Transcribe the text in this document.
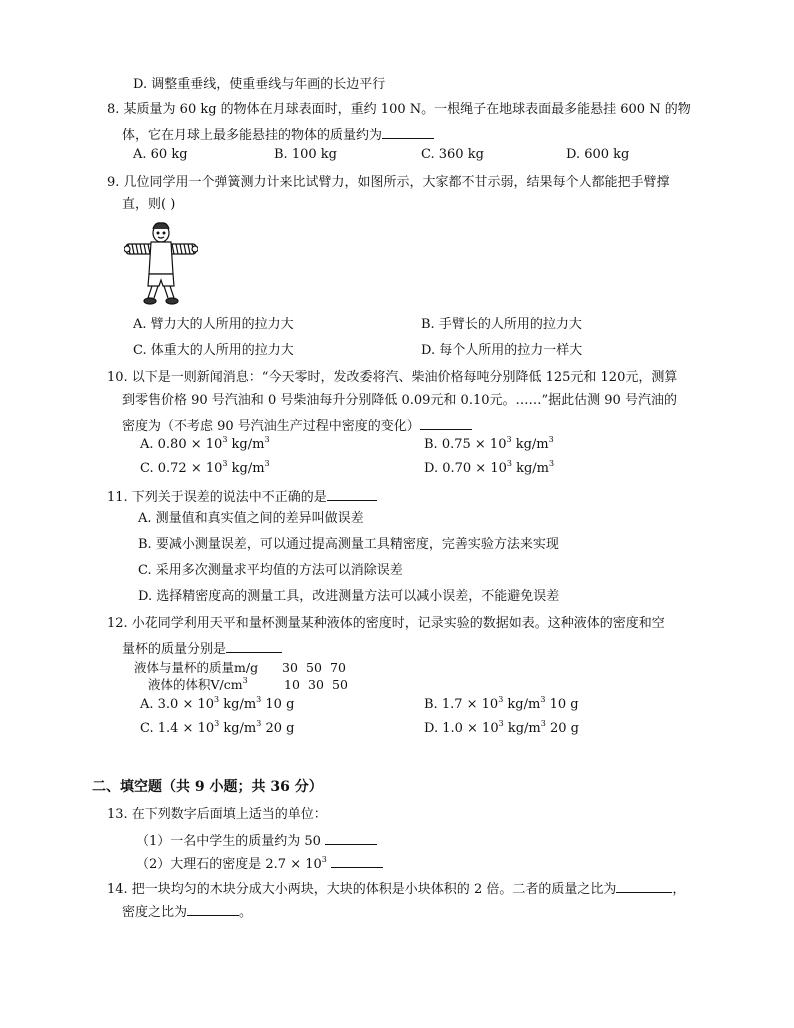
D. 调整重垂线，使重垂线与年画的长边平行
8. 某质量为 60 kg 的物体在月球表面时，重约 100 N。一根绳子在地球表面最多能悬挂 600 N 的物
体，它在月球上最多能悬挂的物体的质量约为
A. 60 kg	B. 100 kg	C. 360 kg	D. 600 kg
9. 几位同学用一个弹簧测力计来比试臂力，如图所示，大家都不甘示弱，结果每个人都能把手臂撑
直，则( )
A. 臂力大的人所用的拉力大	B. 手臂长的人所用的拉力大
C. 体重大的人所用的拉力大	D. 每个人所用的拉力一样大
10. 以下是一则新闻消息：“今天零时，发改委将汽、柴油价格每吨分别降低 125元和 120元，测算
到零售价格 90 号汽油和 0 号柴油每升分别降低 0.09元和 0.10元。……”据此估测 90 号汽油的
密度为（不考虑 90 号汽油生产过程中密度的变化）
A. $0.80 \times 10^3$ $kg/m^3$	B. $0.75 \times 10^3$ $kg/m^3$
C. $0.72 \times 10^3$ $kg/m^3$	D. $0.70 \times 10^3$ $kg/m^3$
11. 下列关于误差的说法中不正确的是
A. 测量值和真实值之间的差异叫做误差
B. 要减小测量误差，可以通过提高测量工具精密度，完善实验方法来实现
C. 采用多次测量求平均值的方法可以消除误差
D. 选择精密度高的测量工具，改进测量方法可以减小误差，不能避免误差
12. 小花同学利用天平和量杯测量某种液体的密度时，记录实验的数据如表。这种液体的密度和空
量杯的质量分别是
液体与量杯的质量m/g 30 50 70
液体的体积$V/cm^3$	10 30 50
A. $3.0 \times 10^3$ $kg/m^3$ 10 g	B. $1.7 \times 10^3$ $kg/m^3$ 10 g
C. $1.4 \times 10^3$ $kg/m^3$ 20 g	D. $1.0 \times 10^3$ $kg/m^3$ 20 g
二、填空题（共 9 小题；共 36 分）
13. 在下列数字后面填上适当的单位：
（1）一名中学生的质量约为 50
（2）大理石的密度是 $2.7 \times 10^3$
14. 把一块均匀的木块分成大小两块，大块的体积是小块体积的 2 倍。二者的质量之比为	，
密度之比为	。
